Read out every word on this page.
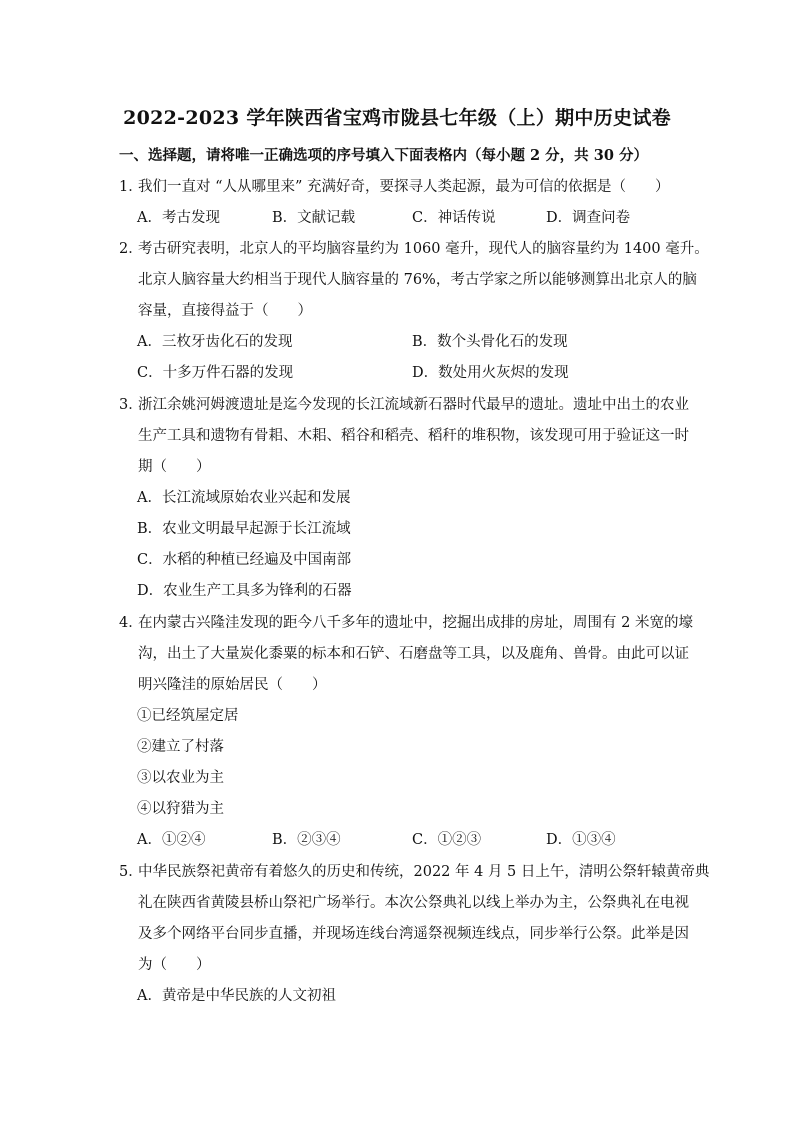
2022-2023 学年陕西省宝鸡市陇县七年级（上）期中历史试卷
一、选择题，请将唯一正确选项的序号填入下面表格内（每小题 2 分，共 30 分）
1．我们一直对 “人从哪里来” 充满好奇，要探寻人类起源，最为可信的依据是（　　）
A．考古发现	B．文献记载	C．神话传说	D．调查问卷
2．考古研究表明，北京人的平均脑容量约为 1060 毫升，现代人的脑容量约为 1400 毫升。
北京人脑容量大约相当于现代人脑容量的 76%，考古学家之所以能够测算出北京人的脑
容量，直接得益于（　　）
A．三枚牙齿化石的发现	B．数个头骨化石的发现
C．十多万件石器的发现	D．数处用火灰烬的发现
3．浙江余姚河姆渡遗址是迄今发现的长江流域新石器时代最早的遗址。遗址中出土的农业
生产工具和遗物有骨耜、木耜、稻谷和稻壳、稻秆的堆积物，该发现可用于验证这一时
期（　　）
A．长江流域原始农业兴起和发展
B．农业文明最早起源于长江流域
C．水稻的种植已经遍及中国南部
D．农业生产工具多为锋利的石器
4．在内蒙古兴隆洼发现的距今八千多年的遗址中，挖掘出成排的房址，周围有 2 米宽的壕
沟，出土了大量炭化黍粟的标本和石铲、石磨盘等工具，以及鹿角、兽骨。由此可以证
明兴隆洼的原始居民（　　）
①已经筑屋定居
②建立了村落
③以农业为主
④以狩猎为主
A．①②④	B．②③④	C．①②③	D．①③④
5．中华民族祭祀黄帝有着悠久的历史和传统，2022 年 4 月 5 日上午，清明公祭轩辕黄帝典
礼在陕西省黄陵县桥山祭祀广场举行。本次公祭典礼以线上举办为主，公祭典礼在电视
及多个网络平台同步直播，并现场连线台湾遥祭视频连线点，同步举行公祭。此举是因
为（　　）
A．黄帝是中华民族的人文初祖
